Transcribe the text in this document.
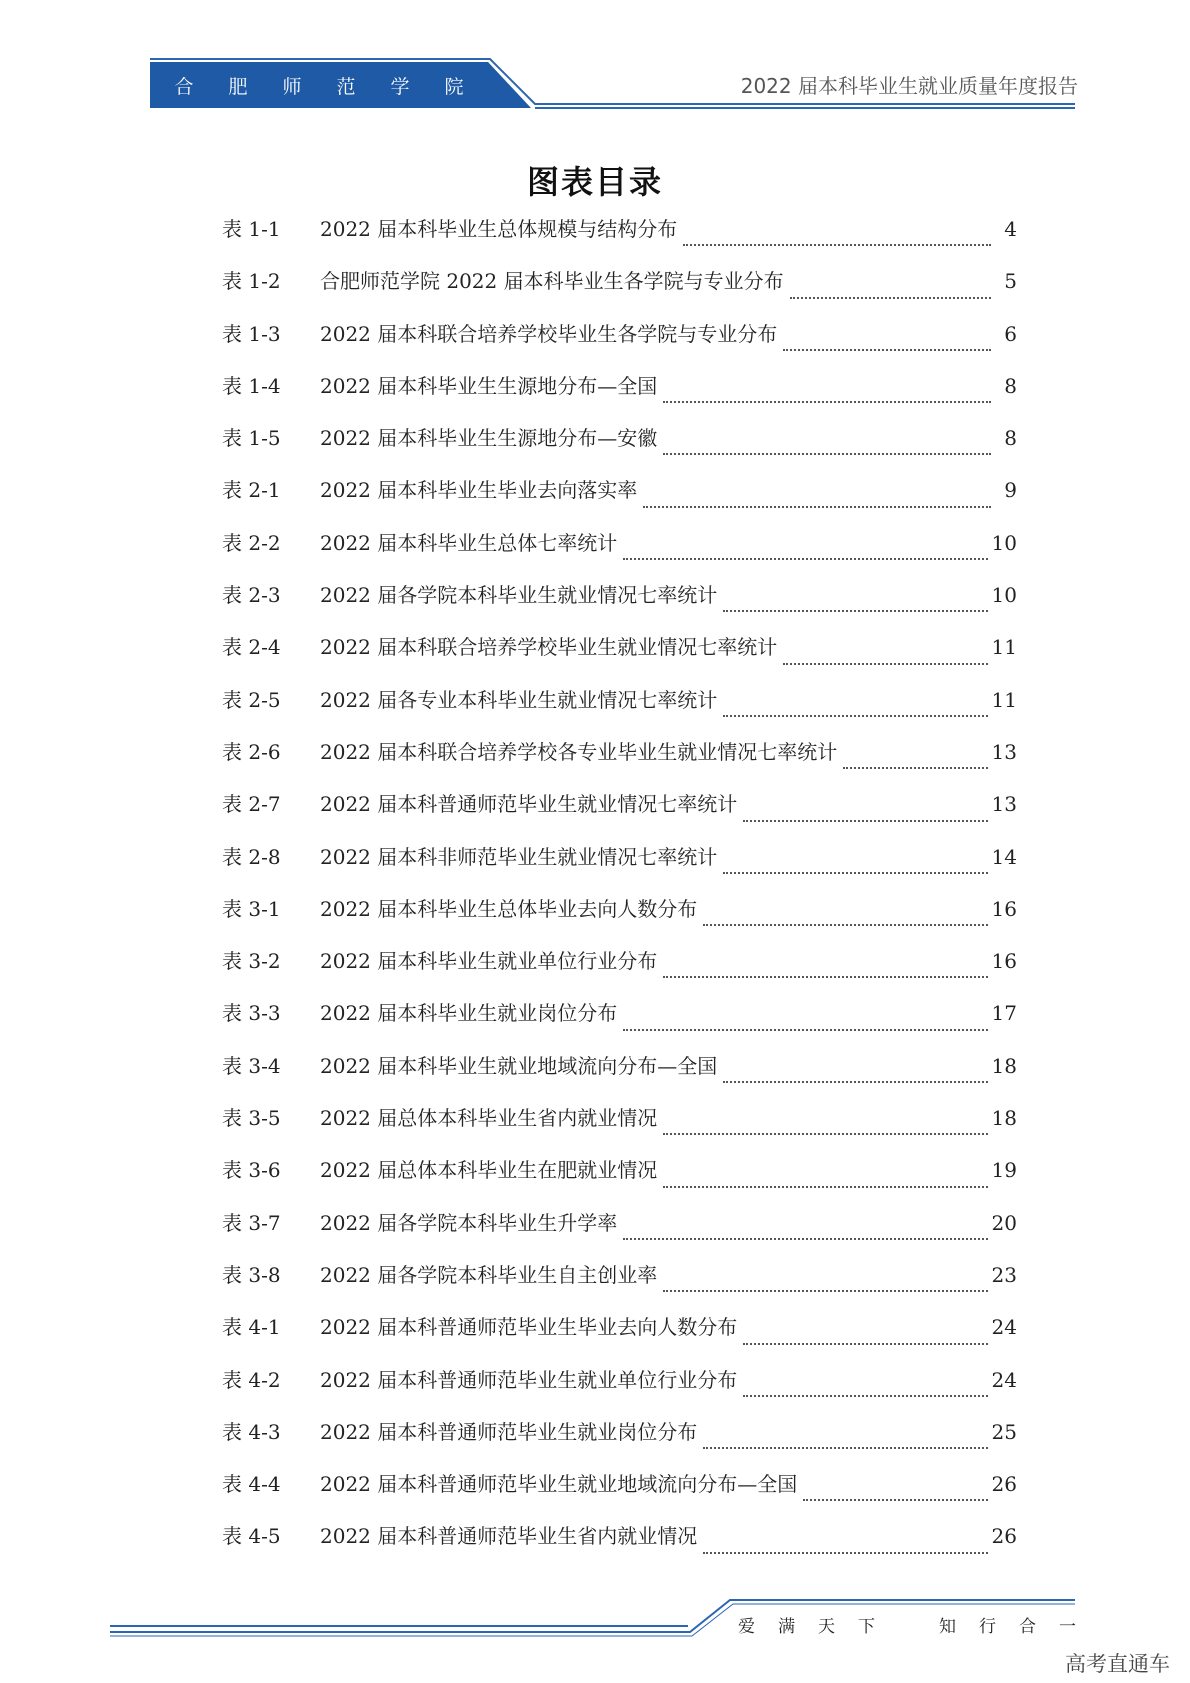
合 肥 师 范 学 院	2022 届本科毕业生就业质量年度报告
图表目录
表 1-1	2022 届本科毕业生总体规模与结构分布	4
表 1-2	合肥师范学院 2022 届本科毕业生各学院与专业分布	5
表 1-3	2022 届本科联合培养学校毕业生各学院与专业分布	6
表 1-4	2022 届本科毕业生生源地分布—全国	8
表 1-5	2022 届本科毕业生生源地分布—安徽	8
表 2-1	2022 届本科毕业生毕业去向落实率	9
表 2-2	2022 届本科毕业生总体七率统计	10
表 2-3	2022 届各学院本科毕业生就业情况七率统计	10
表 2-4	2022 届本科联合培养学校毕业生就业情况七率统计	11
表 2-5	2022 届各专业本科毕业生就业情况七率统计	11
表 2-6	2022 届本科联合培养学校各专业毕业生就业情况七率统计	13
表 2-7	2022 届本科普通师范毕业生就业情况七率统计	13
表 2-8	2022 届本科非师范毕业生就业情况七率统计	14
表 3-1	2022 届本科毕业生总体毕业去向人数分布	16
表 3-2	2022 届本科毕业生就业单位行业分布	16
表 3-3	2022 届本科毕业生就业岗位分布	17
表 3-4	2022 届本科毕业生就业地域流向分布—全国	18
表 3-5	2022 届总体本科毕业生省内就业情况	18
表 3-6	2022 届总体本科毕业生在肥就业情况	19
表 3-7	2022 届各学院本科毕业生升学率	20
表 3-8	2022 届各学院本科毕业生自主创业率	23
表 4-1	2022 届本科普通师范毕业生毕业去向人数分布	24
表 4-2	2022 届本科普通师范毕业生就业单位行业分布	24
表 4-3	2022 届本科普通师范毕业生就业岗位分布	25
表 4-4	2022 届本科普通师范毕业生就业地域流向分布—全国	26
表 4-5	2022 届本科普通师范毕业生省内就业情况	26
爱 满 天 下	知 行 合 一
高考直通车
